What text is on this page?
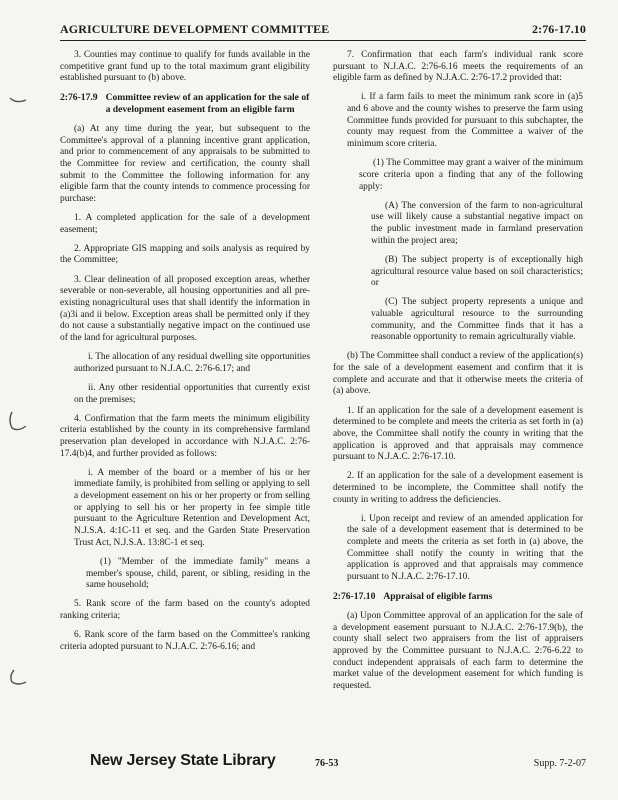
AGRICULTURE DEVELOPMENT COMMITTEE	2:76-17.10

3. Counties may continue to qualify for funds available in the competitive grant fund up to the total maximum grant eligibility established pursuant to (b) above.

2:76-17.9 Committee review of an application for the sale of a development easement from an eligible farm

(a) At any time during the year, but subsequent to the Committee's approval of a planning incentive grant application, and prior to commencement of any appraisals to be submitted to the Committee for review and certification, the county shall submit to the Committee the following information for any eligible farm that the county intends to commence processing for purchase:

1. A completed application for the sale of a development easement;

2. Appropriate GIS mapping and soils analysis as required by the Committee;

3. Clear delineation of all proposed exception areas, whether severable or non-severable, all housing opportunities and all pre-existing nonagricultural uses that shall identify the information in (a)3i and ii below. Exception areas shall be permitted only if they do not cause a substantially negative impact on the continued use of the land for agricultural purposes.

i. The allocation of any residual dwelling site opportunities authorized pursuant to N.J.A.C. 2:76-6.17; and

ii. Any other residential opportunities that currently exist on the premises;

4. Confirmation that the farm meets the minimum eligibility criteria established by the county in its comprehensive farmland preservation plan developed in accordance with N.J.A.C. 2:76-17.4(b)4, and further provided as follows:

i. A member of the board or a member of his or her immediate family, is prohibited from selling or applying to sell a development easement on his or her property or from selling or applying to sell his or her property in fee simple title pursuant to the Agriculture Retention and Development Act, N.J.S.A. 4:1C-11 et seq. and the Garden State Preservation Trust Act, N.J.S.A. 13:8C-1 et seq.

(1) "Member of the immediate family" means a member's spouse, child, parent, or sibling, residing in the same household;

5. Rank score of the farm based on the county's adopted ranking criteria;

6. Rank score of the farm based on the Committee's ranking criteria adopted pursuant to N.J.A.C. 2:76-6.16; and

7. Confirmation that each farm's individual rank score pursuant to N.J.A.C. 2:76-6.16 meets the requirements of an eligible farm as defined by N.J.A.C. 2:76-17.2 provided that:

i. If a farm fails to meet the minimum rank score in (a)5 and 6 above and the county wishes to preserve the farm using Committee funds provided for pursuant to this subchapter, the county may request from the Committee a waiver of the minimum score criteria.

(1) The Committee may grant a waiver of the minimum score criteria upon a finding that any of the following apply:

(A) The conversion of the farm to non-agricultural use will likely cause a substantial negative impact on the public investment made in farmland preservation within the project area;

(B) The subject property is of exceptionally high agricultural resource value based on soil characteristics; or

(C) The subject property represents a unique and valuable agricultural resource to the surrounding community, and the Committee finds that it has a reasonable opportunity to remain agriculturally viable.

(b) The Committee shall conduct a review of the application(s) for the sale of a development easement and confirm that it is complete and accurate and that it otherwise meets the criteria of (a) above.

1. If an application for the sale of a development easement is determined to be complete and meets the criteria as set forth in (a) above, the Committee shall notify the county in writing that the application is approved and that appraisals may commence pursuant to N.J.A.C. 2:76-17.10.

2. If an application for the sale of a development easement is determined to be incomplete, the Committee shall notify the county in writing to address the deficiencies.

i. Upon receipt and review of an amended application for the sale of a development easement that is determined to be complete and meets the criteria as set forth in (a) above, the Committee shall notify the county in writing that the application is approved and that appraisals may commence pursuant to N.J.A.C. 2:76-17.10.

2:76-17.10 Appraisal of eligible farms

(a) Upon Committee approval of an application for the sale of a development easement pursuant to N.J.A.C. 2:76-17.9(b), the county shall select two appraisers from the list of appraisers approved by the Committee pursuant to N.J.A.C. 2:76-6.22 to conduct independent appraisals of each farm to determine the market value of the development easement for which funding is requested.

New Jersey State Library	76-53	Supp. 7-2-07
